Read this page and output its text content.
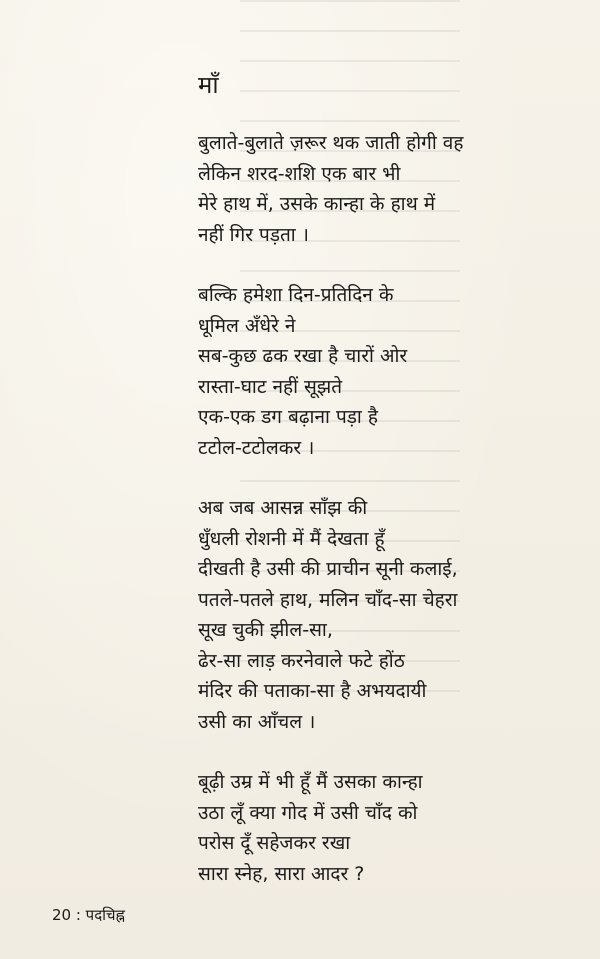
माँ
बुलाते-बुलाते ज़रूर थक जाती होगी वह
लेकिन शरद-शशि एक बार भी
मेरे हाथ में, उसके कान्हा के हाथ में
नहीं गिर पड़ता ।
बल्कि हमेशा दिन-प्रतिदिन के
धूमिल अँधेरे ने
सब-कुछ ढक रखा है चारों ओर
रास्ता-घाट नहीं सूझते
एक-एक डग बढ़ाना पड़ा है
टटोल-टटोलकर ।
अब जब आसन्न साँझ की
धुँधली रोशनी में मैं देखता हूँ
दीखती है उसी की प्राचीन सूनी कलाई,
पतले-पतले हाथ, मलिन चाँद-सा चेहरा
सूख चुकी झील-सा,
ढेर-सा लाड़ करनेवाले फटे होंठ
मंदिर की पताका-सा है अभयदायी
उसी का आँचल ।
बूढ़ी उम्र में भी हूँ मैं उसका कान्हा
उठा लूँ क्या गोद में उसी चाँद को
परोस दूँ सहेजकर रखा
सारा स्नेह, सारा आदर ?
20 : पदचिह्न
